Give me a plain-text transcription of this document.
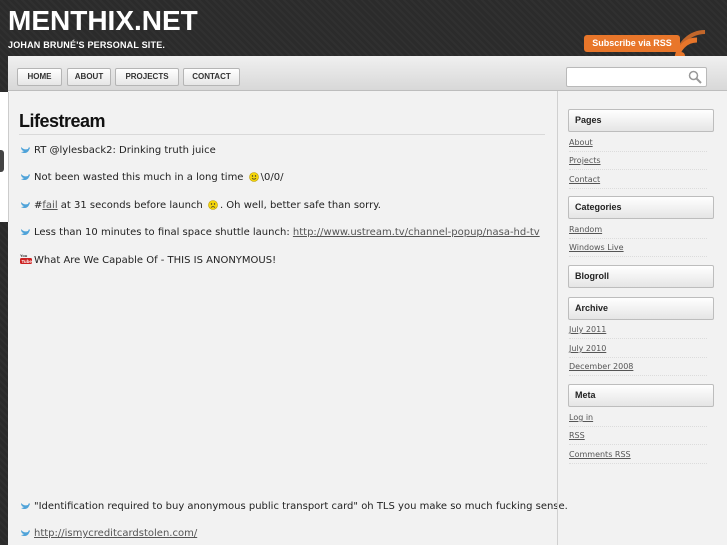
MENTHIX.NET
JOHAN BRUNÉ'S PERSONAL SITE.	Subscribe via RSS
HOME	ABOUT	PROJECTS	CONTACT
Lifestream
RT @lylesback2: Drinking truth juice
Not been wasted this much in a long time \0/0/
#fail at 31 seconds before launch . Oh well, better safe than sorry.
Less than 10 minutes to final space shuttle launch: http://www.ustream.tv/channel-popup/nasa-hd-tv
You
Tube What Are We Capable Of - THIS IS ANONYMOUS!
"Identification required to buy anonymous public transport card" oh TLS you make so much fucking sense.
http://ismycreditcardstolen.com/
Pages
About
Projects
Contact
Categories
Random
Windows Live
Blogroll
Archive
July 2011
July 2010
December 2008
Meta
Log in
RSS
Comments RSS
